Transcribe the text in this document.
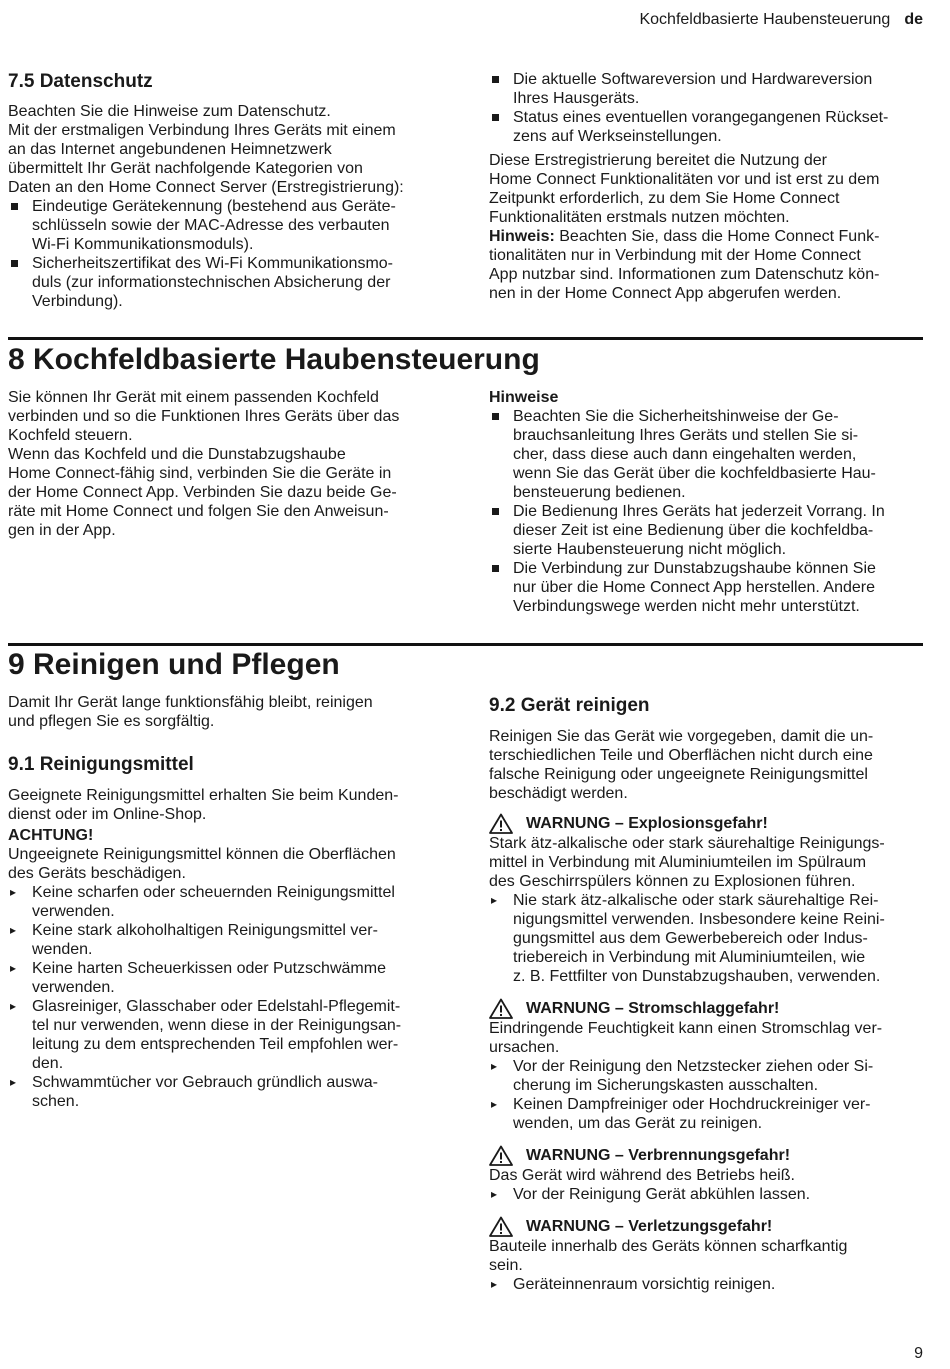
Kochfeldbasierte Haubensteuerung de
7.5 Datenschutz

Beachten Sie die Hinweise zum Datenschutz.

Mit der erstmaligen Verbindung Ihres Geräts mit einem

an das Internet angebundenen Heimnetzwerk

übermittelt Ihr Gerät nachfolgende Kategorien von

Daten an den Home Connect Server (Erstregistrierung):

Eindeutige Gerätekennung (bestehend aus Geräte-

schlüsseln sowie der MAC-Adresse des verbauten

Wi-Fi Kommunikationsmoduls).

Sicherheitszertifikat des Wi-Fi Kommunikationsmo-

duls (zur informationstechnischen Absicherung der

Verbindung).

Die aktuelle Softwareversion und Hardwareversion

Ihres Hausgeräts.

Status eines eventuellen vorangegangenen Rückset-

zens auf Werkseinstellungen.

Diese Erstregistrierung bereitet die Nutzung der

Home Connect Funktionalitäten vor und ist erst zu dem

Zeitpunkt erforderlich, zu dem Sie Home Connect

Funktionalitäten erstmals nutzen möchten.

Hinweis: Beachten Sie, dass die Home Connect Funk-

tionalitäten nur in Verbindung mit der Home Connect

App nutzbar sind. Informationen zum Datenschutz kön-

nen in der Home Connect App abgerufen werden.

8 Kochfeldbasierte Haubensteuerung

Sie können Ihr Gerät mit einem passenden Kochfeld

verbinden und so die Funktionen Ihres Geräts über das

Kochfeld steuern.

Wenn das Kochfeld und die Dunstabzugshaube

Home Connect-fähig sind, verbinden Sie die Geräte in

der Home Connect App. Verbinden Sie dazu beide Ge-

räte mit Home Connect und folgen Sie den Anweisun-

gen in der App.

Hinweise

Beachten Sie die Sicherheitshinweise der Ge-

brauchsanleitung Ihres Geräts und stellen Sie si-

cher, dass diese auch dann eingehalten werden,

wenn Sie das Gerät über die kochfeldbasierte Hau-

bensteuerung bedienen.

Die Bedienung Ihres Geräts hat jederzeit Vorrang. In

dieser Zeit ist eine Bedienung über die kochfeldba-

sierte Haubensteuerung nicht möglich.

Die Verbindung zur Dunstabzugshaube können Sie

nur über die Home Connect App herstellen. Andere

Verbindungswege werden nicht mehr unterstützt.

9 Reinigen und Pflegen

Damit Ihr Gerät lange funktionsfähig bleibt, reinigen

und pflegen Sie es sorgfältig.

9.1 Reinigungsmittel

Geeignete Reinigungsmittel erhalten Sie beim Kunden-

dienst oder im Online-Shop.

ACHTUNG!

Ungeeignete Reinigungsmittel können die Oberflächen

des Geräts beschädigen.

▸ Keine scharfen oder scheuernden Reinigungsmittel

verwenden.

▸ Keine stark alkoholhaltigen Reinigungsmittel ver-

wenden.

▸ Keine harten Scheuerkissen oder Putzschwämme

verwenden.

▸ Glasreiniger, Glasschaber oder Edelstahl-Pflegemit-

tel nur verwenden, wenn diese in der Reinigungsan-

leitung zu dem entsprechenden Teil empfohlen wer-

den.

▸ Schwammtücher vor Gebrauch gründlich auswa-

schen.

9.2 Gerät reinigen

Reinigen Sie das Gerät wie vorgegeben, damit die un-

terschiedlichen Teile und Oberflächen nicht durch eine

falsche Reinigung oder ungeeignete Reinigungsmittel

beschädigt werden.

WARNUNG – Explosionsgefahr!

Stark ätz-alkalische oder stark säurehaltige Reinigungs-

mittel in Verbindung mit Aluminiumteilen im Spülraum

des Geschirrspülers können zu Explosionen führen.

▸ Nie stark ätz-alkalische oder stark säurehaltige Rei-

nigungsmittel verwenden. Insbesondere keine Reini-

gungsmittel aus dem Gewerbebereich oder Indus-

triebereich in Verbindung mit Aluminiumteilen, wie

z. B. Fettfilter von Dunstabzugshauben, verwenden.

WARNUNG – Stromschlaggefahr!

Eindringende Feuchtigkeit kann einen Stromschlag ver-

ursachen.

▸ Vor der Reinigung den Netzstecker ziehen oder Si-

cherung im Sicherungskasten ausschalten.

▸ Keinen Dampfreiniger oder Hochdruckreiniger ver-

wenden, um das Gerät zu reinigen.

WARNUNG – Verbrennungsgefahr!

Das Gerät wird während des Betriebs heiß.

▸ Vor der Reinigung Gerät abkühlen lassen.

WARNUNG – Verletzungsgefahr!

Bauteile innerhalb des Geräts können scharfkantig

sein.

▸ Geräteinnenraum vorsichtig reinigen.

9
